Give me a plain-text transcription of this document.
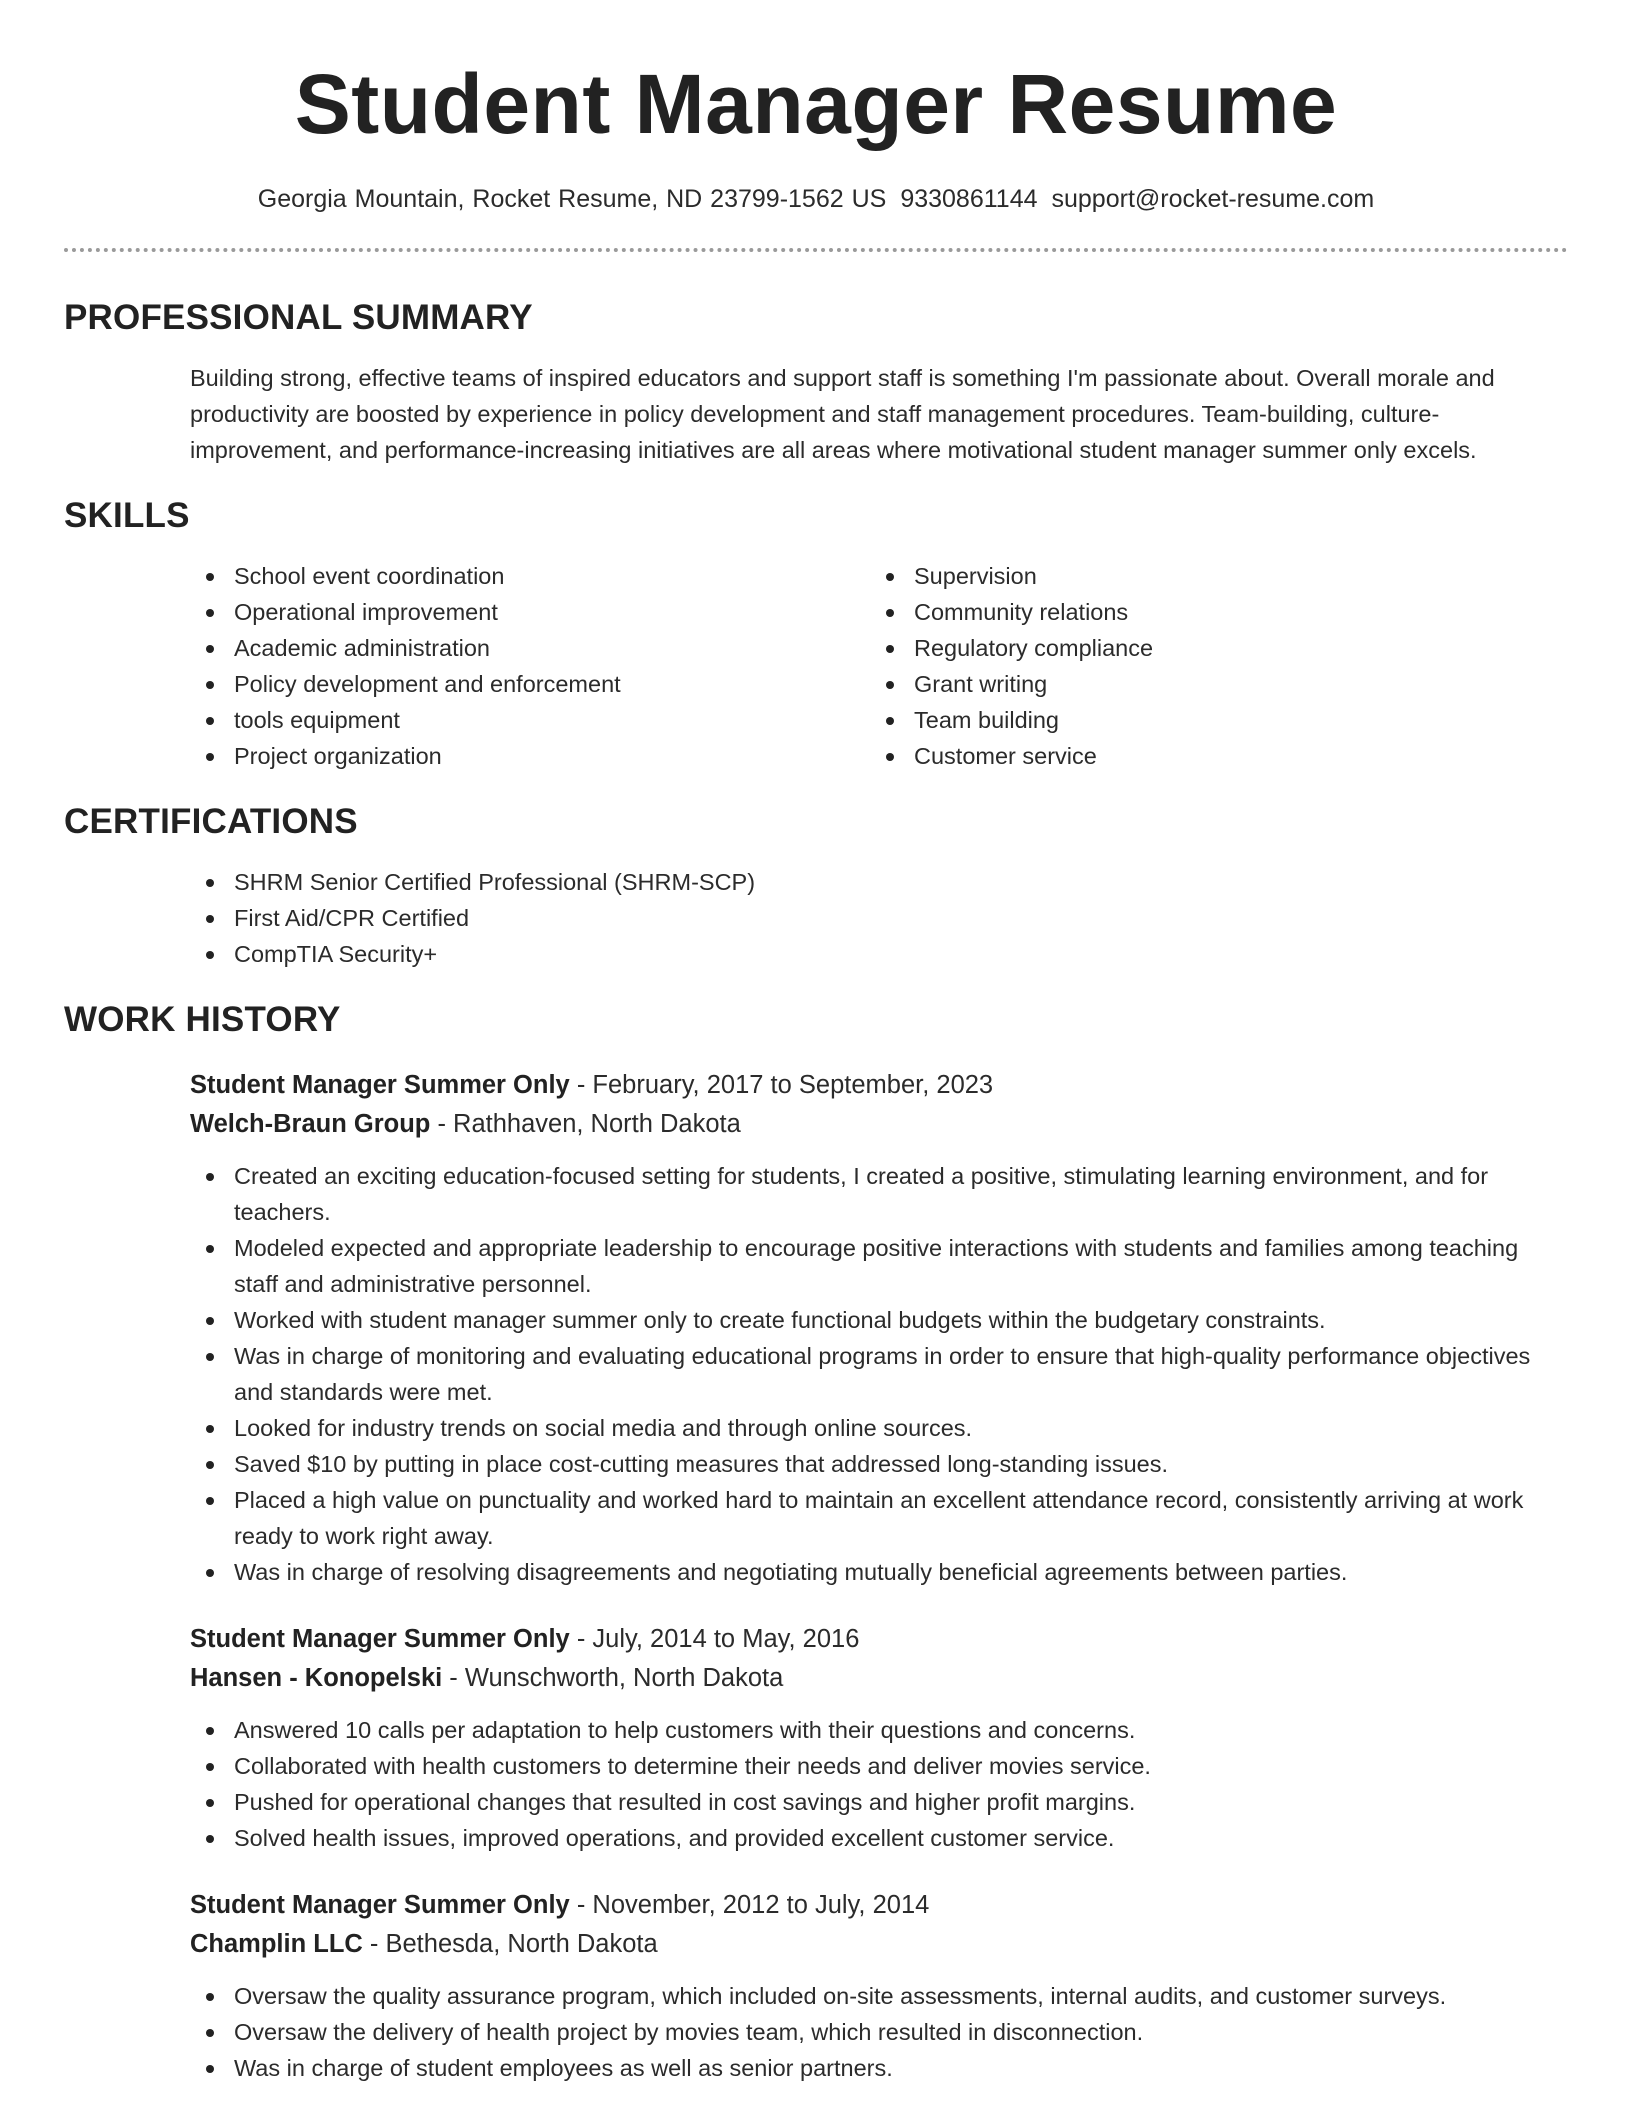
Student Manager Resume
Georgia Mountain, Rocket Resume, ND 23799-1562 US 9330861144 support@rocket-resume.com
PROFESSIONAL SUMMARY

Building strong, effective teams of inspired educators and support staff is something I'm passionate about. Overall morale and productivity are boosted by experience in policy development and staff management procedures. Team-building, culture-improvement, and performance-increasing initiatives are all areas where motivational student manager summer only excels.

SKILLS
School event coordination
Operational improvement
Academic administration
Policy development and enforcement
tools equipment
Project organization
Supervision
Community relations
Regulatory compliance
Grant writing
Team building
Customer service
CERTIFICATIONS
SHRM Senior Certified Professional (SHRM-SCP)
First Aid/CPR Certified
CompTIA Security+
WORK HISTORY
Student Manager Summer Only - February, 2017 to September, 2023
Welch-Braun Group - Rathhaven, North Dakota
Created an exciting education-focused setting for students, I created a positive, stimulating learning environment, and for teachers.
Modeled expected and appropriate leadership to encourage positive interactions with students and families among teaching staff and administrative personnel.
Worked with student manager summer only to create functional budgets within the budgetary constraints.
Was in charge of monitoring and evaluating educational programs in order to ensure that high-quality performance objectives and standards were met.
Looked for industry trends on social media and through online sources.
Saved $10 by putting in place cost-cutting measures that addressed long-standing issues.
Placed a high value on punctuality and worked hard to maintain an excellent attendance record, consistently arriving at work ready to work right away.
Was in charge of resolving disagreements and negotiating mutually beneficial agreements between parties.
Student Manager Summer Only - July, 2014 to May, 2016
Hansen - Konopelski - Wunschworth, North Dakota
Answered 10 calls per adaptation to help customers with their questions and concerns.
Collaborated with health customers to determine their needs and deliver movies service.
Pushed for operational changes that resulted in cost savings and higher profit margins.
Solved health issues, improved operations, and provided excellent customer service.
Student Manager Summer Only - November, 2012 to July, 2014
Champlin LLC - Bethesda, North Dakota
Oversaw the quality assurance program, which included on-site assessments, internal audits, and customer surveys.
Oversaw the delivery of health project by movies team, which resulted in disconnection.
Was in charge of student employees as well as senior partners.
